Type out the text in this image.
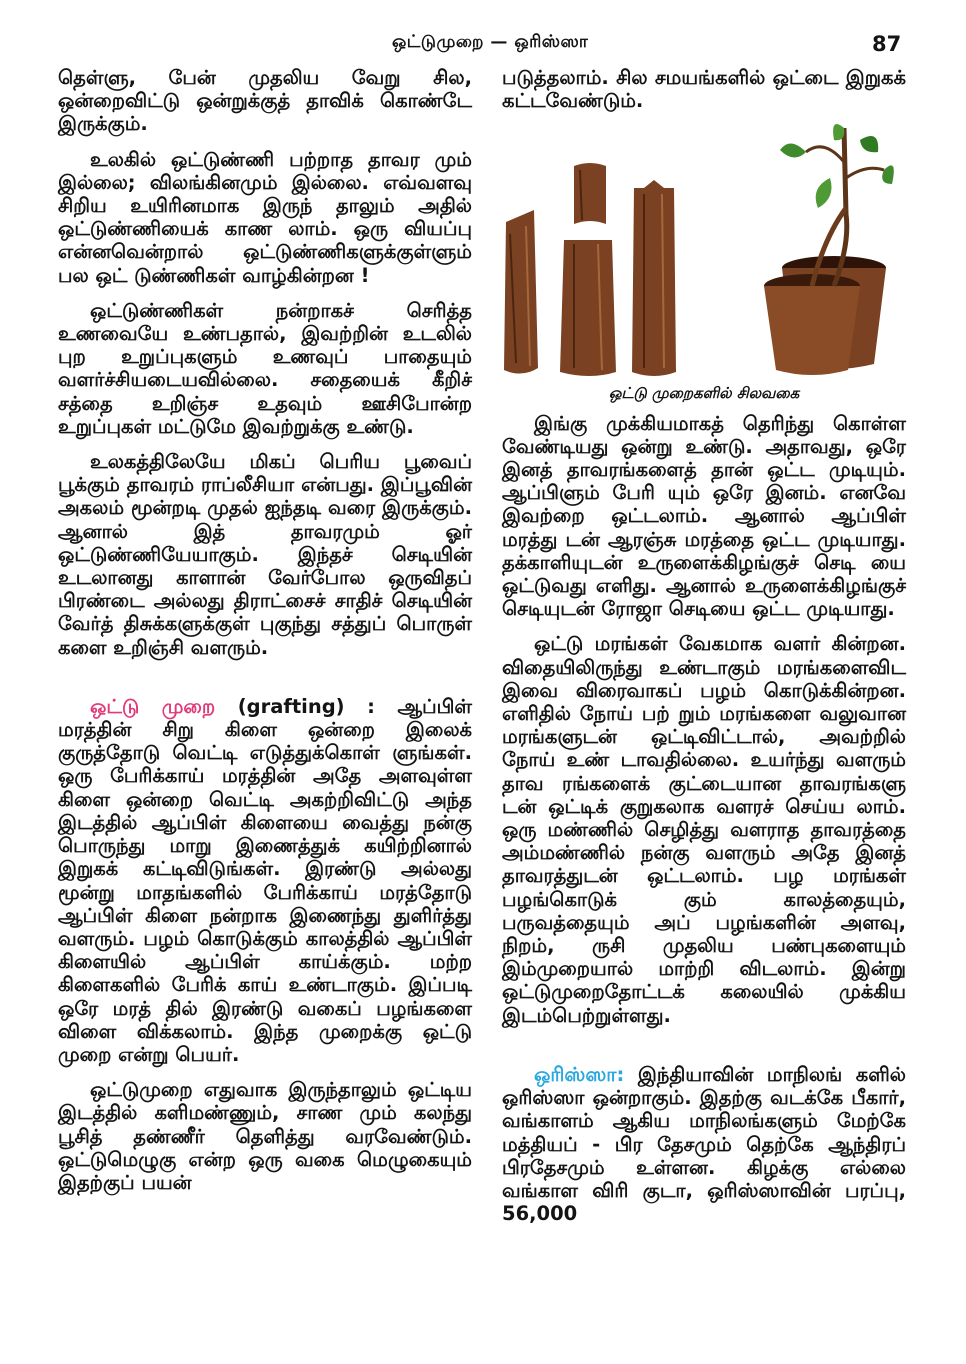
ஒட்டுமுறை — ஒரிஸ்ஸா	87

தெள்ளு, பேன் முதலிய வேறு சில, ஒன்றைவிட்டு ஒன்றுக்குத் தாவிக் கொண்டே இருக்கும்.

உலகில் ஒட்டுண்ணி பற்றாத தாவர மும் இல்லை; விலங்கினமும் இல்லை. எவ்வளவு சிறிய உயிரினமாக இருந் தாலும் அதில் ஒட்டுண்ணியைக் காண லாம். ஒரு வியப்பு என்னவென்றால் ஒட்டுண்ணிகளுக்குள்ளும் பல ஒட் டுண்ணிகள் வாழ்கின்றன !

ஒட்டுண்ணிகள் நன்றாகச் செரித்த உணவையே உண்பதால், இவற்றின் உடலில் புற உறுப்புகளும் உணவுப் பாதையும் வளர்ச்சியடையவில்லை. சதையைக் கீறிச் சத்தை உறிஞ்ச உதவும் ஊசிபோன்ற உறுப்புகள் மட்டுமே இவற்றுக்கு உண்டு.

உலகத்திலேயே மிகப் பெரிய பூவைப் பூக்கும் தாவரம் ராப்லீசியா என்பது. இப்பூவின் அகலம் மூன்றடி முதல் ஐந்தடி வரை இருக்கும். ஆனால் இத் தாவரமும் ஓர் ஒட்டுண்ணியேயாகும். இந்தச் செடியின் உடலானது காளான் வேர்போல ஒருவிதப் பிரண்டை அல்லது திராட்சைச் சாதிச் செடியின் வேர்த் திசுக்களுக்குள் புகுந்து சத்துப் பொருள் களை உறிஞ்சி வளரும்.

ஒட்டு முறை (grafting) : ஆப்பிள் மரத்தின் சிறு கிளை ஒன்றை இலைக் குருத்தோடு வெட்டி எடுத்துக்கொள் ளுங்கள். ஒரு பேரிக்காய் மரத்தின் அதே அளவுள்ள கிளை ஒன்றை வெட்டி அகற்றிவிட்டு அந்த இடத்தில் ஆப்பிள் கிளையை வைத்து நன்கு பொருந்து மாறு இணைத்துக் கயிற்றினால் இறுகக் கட்டிவிடுங்கள். இரண்டு அல்லது மூன்று மாதங்களில் பேரிக்காய் மரத்தோடு ஆப்பிள் கிளை நன்றாக இணைந்து துளிர்த்து வளரும். பழம் கொடுக்கும் காலத்தில் ஆப்பிள் கிளையில் ஆப்பிள் காய்க்கும். மற்ற கிளைகளில் பேரிக் காய் உண்டாகும். இப்படி ஒரே மரத் தில் இரண்டு வகைப் பழங்களை விளை விக்கலாம். இந்த முறைக்கு ஒட்டு முறை என்று பெயர்.

ஒட்டுமுறை எதுவாக இருந்தாலும் ஒட்டிய இடத்தில் களிமண்ணும், சாண மும் கலந்து பூசித் தண்ணீர் தெளித்து வரவேண்டும். ஒட்டுமெழுகு என்ற ஒரு வகை மெழுகையும் இதற்குப் பயன்

படுத்தலாம். சில சமயங்களில் ஒட்டை இறுகக் கட்டவேண்டும்.

ஒட்டு முறைகளில் சிலவகை

இங்கு முக்கியமாகத் தெரிந்து கொள்ள வேண்டியது ஒன்று உண்டு. அதாவது, ஒரே இனத் தாவரங்களைத் தான் ஒட்ட முடியும். ஆப்பிளும் பேரி யும் ஒரே இனம். எனவே இவற்றை ஒட்டலாம். ஆனால் ஆப்பிள் மரத்து டன் ஆரஞ்சு மரத்தை ஒட்ட முடியாது. தக்காளியுடன் உருளைக்கிழங்குச் செடி யை ஒட்டுவது எளிது. ஆனால் உருளைக்கிழங்குச் செடியுடன் ரோஜா செடியை ஒட்ட முடியாது.

ஒட்டு மரங்கள் வேகமாக வளர் கின்றன. விதையிலிருந்து உண்டாகும் மரங்களைவிட இவை விரைவாகப் பழம் கொடுக்கின்றன. எளிதில் நோய் பற் றும் மரங்களை வலுவான மரங்களுடன் ஒட்டிவிட்டால், அவற்றில் நோய் உண் டாவதில்லை. உயர்ந்து வளரும் தாவ ரங்களைக் குட்டையான தாவரங்களு டன் ஒட்டிக் குறுகலாக வளரச் செய்ய லாம். ஒரு மண்ணில் செழித்து வளராத தாவரத்தை அம்மண்ணில் நன்கு வளரும் அதே இனத் தாவரத்துடன் ஒட்டலாம். பழ மரங்கள் பழங்கொடுக் கும் காலத்தையும், பருவத்தையும் அப் பழங்களின் அளவு, நிறம், ருசி முதலிய பண்புகளையும் இம்முறையால் மாற்றி விடலாம். இன்று ஒட்டுமுறைதோட்டக் கலையில் முக்கிய இடம்பெற்றுள்ளது.

ஒரிஸ்ஸா: இந்தியாவின் மாநிலங் களில் ஒரிஸ்ஸா ஒன்றாகும். இதற்கு வடக்கே பீகார், வங்காளம் ஆகிய மாநிலங்களும் மேற்கே மத்தியப் - பிர தேசமும் தெற்கே ஆந்திரப் பிரதேசமும் உள்ளன. கிழக்கு எல்லை வங்காள விரி குடா, ஒரிஸ்ஸாவின் பரப்பு, 56,000
